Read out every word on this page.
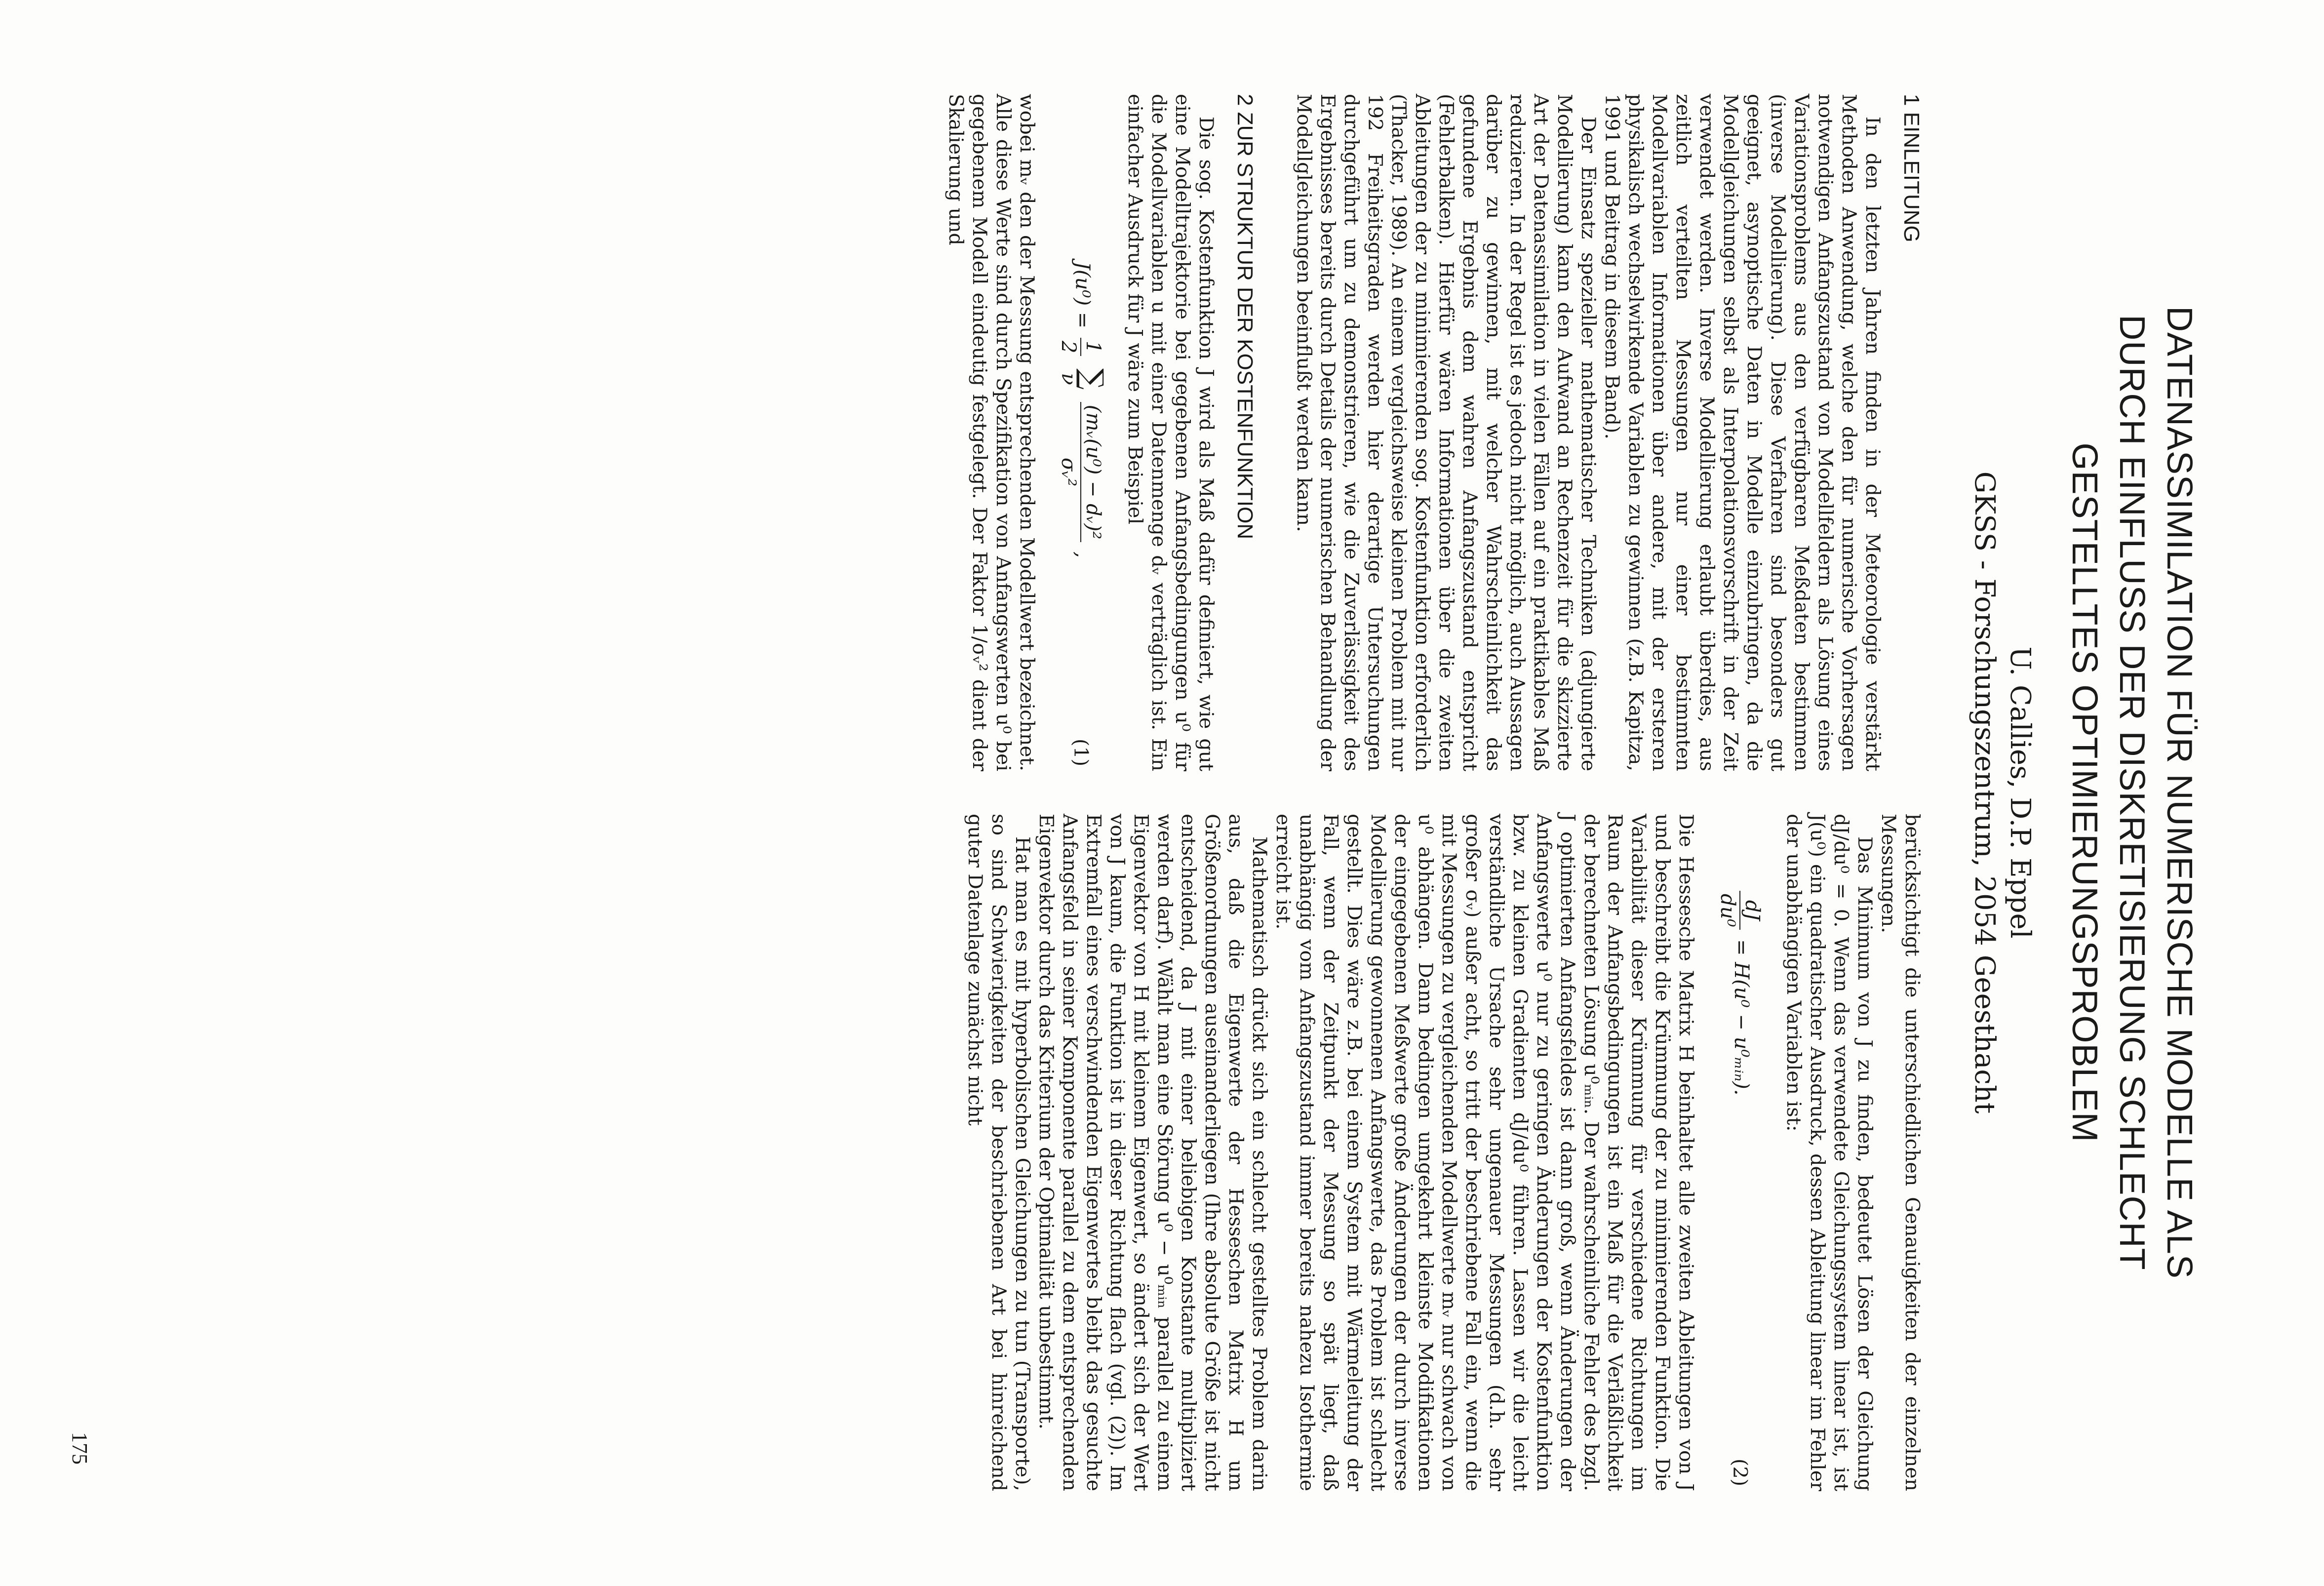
DATENASSIMILATION FÜR NUMERISCHE MODELLE ALS
DURCH EINFLUSS DER DISKRETISIERUNG SCHLECHT
GESTELLTES OPTIMIERUNGSPROBLEM
U. Callies, D.P. Eppel
GKSS - Forschungszentrum, 2054 Geesthacht
1 EINLEITUNG

In den letzten Jahren finden in der Meteorologie verstärkt Methoden Anwendung, welche den für numerische Vorhersagen notwendigen Anfangszustand von Modellfeldern als Lösung eines Variationsproblems aus den verfügbaren Meßdaten bestimmen (inverse Modellierung). Diese Verfahren sind besonders gut geeignet, asynoptische Daten in Modelle einzubringen, da die Modellgleichungen selbst als Interpolationsvorschrift in der Zeit verwendet werden. Inverse Modellierung erlaubt überdies, aus zeitlich verteilten Messungen nur einer bestimmten Modellvariablen Informationen über andere, mit der ersteren physikalisch wechselwirkende Variablen zu gewinnen (z.B. Kapitza, 1991 und Beitrag in diesem Band).

Der Einsatz spezieller mathematischer Techniken (adjungierte Modellierung) kann den Aufwand an Rechenzeit für die skizzierte Art der Datenassimilation in vielen Fällen auf ein praktikables Maß reduzieren. In der Regel ist es jedoch nicht möglich, auch Aussagen darüber zu gewinnen, mit welcher Wahrscheinlichkeit das gefundene Ergebnis dem wahren Anfangszustand entspricht (Fehlerbalken). Hierfür wären Informationen über die zweiten Ableitungen der zu minimierenden sog. Kostenfunktion erforderlich (Thacker, 1989). An einem vergleichsweise kleinen Problem mit nur 192 Freiheitsgraden werden hier derartige Untersuchungen durchgeführt um zu demonstrieren, wie die Zuverlässigkeit des Ergebnisses bereits durch Details der numerischen Behandlung der Modellgleichungen beeinflußt werden kann.

2 ZUR STRUKTUR DER KOSTENFUNKTION

Die sog. Kostenfunktion J wird als Maß dafür definiert, wie gut eine Modelltrajektorie bei gegebenen Anfangsbedingungen u⁰ für die Modellvariablen u mit einer Datenmenge dᵥ verträglich ist. Ein einfacher Ausdruck für J wäre zum Beispiel

J(u⁰) =
1
2
∑
ν

(mᵥ(u⁰) − dᵥ)²
σᵥ²
,
(1)

wobei mᵥ den der Messung entsprechenden Modellwert bezeichnet. Alle diese Werte sind durch Spezifikation von Anfangswerten u⁰ bei gegebenem Modell eindeutig festgelegt. Der Faktor 1/σᵥ² dient der Skalierung und

berücksichtigt die unterschiedlichen Genauigkeiten der einzelnen Messungen.

Das Minimum von J zu finden, bedeutet Lösen der Gleichung dJ/du⁰ = 0. Wenn das verwendete Gleichungssystem linear ist, ist J(u⁰) ein quadratischer Ausdruck, dessen Ableitung linear im Fehler der unabhängigen Variablen ist:

dJ
du⁰
= H(u⁰ − u⁰ₘᵢₙ).
(2)

Die Hessesche Matrix H beinhaltet alle zweiten Ableitungen von J und beschreibt die Krümmung der zu minimierenden Funktion. Die Variabilität dieser Krümmung für verschiedene Richtungen im Raum der Anfangsbedingungen ist ein Maß für die Verläßlichkeit der berechneten Lösung u⁰ₘᵢₙ. Der wahrscheinliche Fehler des bzgl. J optimierten Anfangsfeldes ist dann groß, wenn Änderungen der Anfangswerte u⁰ nur zu geringen Änderungen der Kostenfunktion bzw. zu kleinen Gradienten dJ/du⁰ führen. Lassen wir die leicht verständliche Ursache sehr ungenauer Messungen (d.h. sehr großer σᵥ) außer acht, so tritt der beschriebene Fall ein, wenn die mit Messungen zu vergleichenden Modellwerte mᵥ nur schwach von u⁰ abhängen. Dann bedingen umgekehrt kleinste Modifikationen der eingegebenen Meßwerte große Änderungen der durch inverse Modellierung gewonnenen Anfangswerte, das Problem ist schlecht gestellt. Dies wäre z.B. bei einem System mit Wärmeleitung der Fall, wenn der Zeitpunkt der Messung so spät liegt, daß unabhängig vom Anfangszustand immer bereits nahezu Isothermie erreicht ist.

Mathematisch drückt sich ein schlecht gestelltes Problem darin aus, daß die Eigenwerte der Hesseschen Matrix H um Größenordnungen auseinanderliegen (Ihre absolute Größe ist nicht entscheidend, da J mit einer beliebigen Konstante multipliziert werden darf). Wählt man eine Störung u⁰ − u⁰ₘᵢₙ parallel zu einem Eigenvektor von H mit kleinem Eigenwert, so ändert sich der Wert von J kaum, die Funktion ist in dieser Richtung flach (vgl. (2)). Im Extremfall eines verschwindenden Eigenwertes bleibt das gesuchte Anfangsfeld in seiner Komponente parallel zu dem entsprechenden Eigenvektor durch das Kriterium der Optimalität unbestimmt.

Hat man es mit hyperbolischen Gleichungen zu tun (Transporte), so sind Schwierigkeiten der beschriebenen Art bei hinreichend guter Datenlage zunächst nicht

175
